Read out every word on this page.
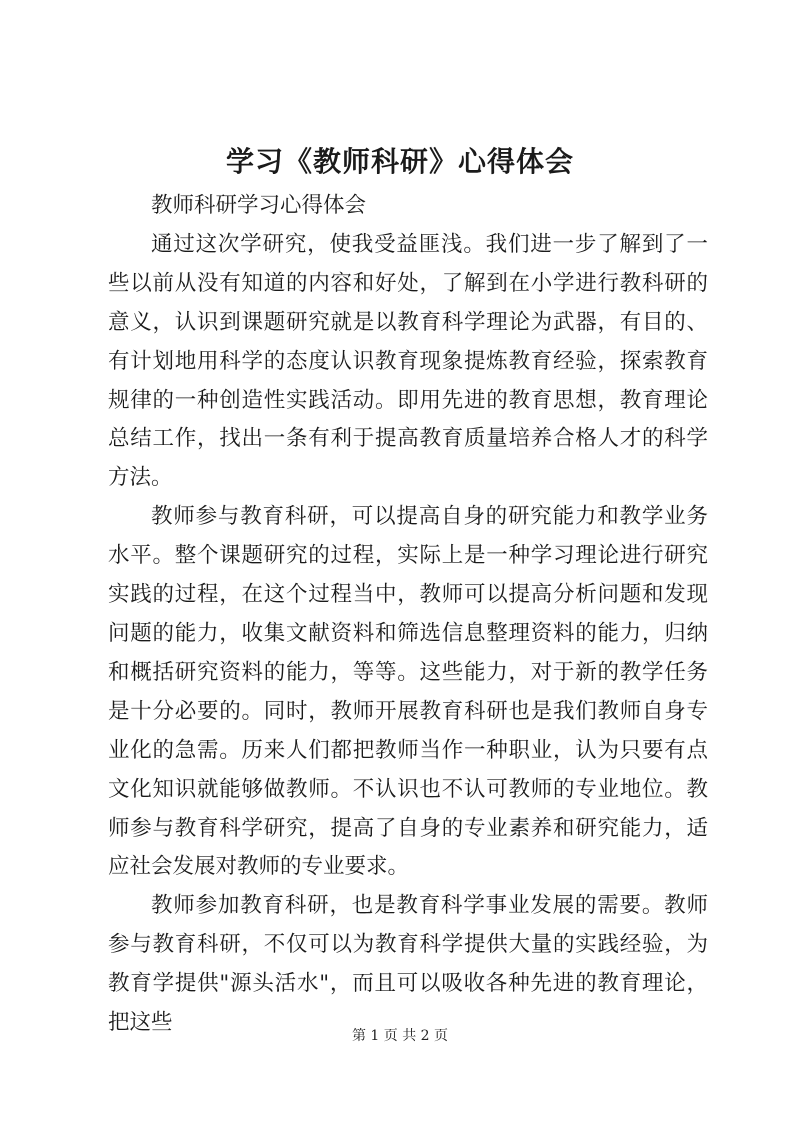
学习《教师科研》心得体会

教师科研学习心得体会

通过这次学研究，使我受益匪浅。我们进一步了解到了一些以前从没有知道的内容和好处，了解到在小学进行教科研的意义，认识到课题研究就是以教育科学理论为武器，有目的、有计划地用科学的态度认识教育现象提炼教育经验，探索教育规律的一种创造性实践活动。即用先进的教育思想，教育理论总结工作，找出一条有利于提高教育质量培养合格人才的科学方法。

教师参与教育科研，可以提高自身的研究能力和教学业务水平。整个课题研究的过程，实际上是一种学习理论进行研究实践的过程，在这个过程当中，教师可以提高分析问题和发现问题的能力，收集文献资料和筛选信息整理资料的能力，归纳和概括研究资料的能力，等等。这些能力，对于新的教学任务是十分必要的。同时，教师开展教育科研也是我们教师自身专业化的急需。历来人们都把教师当作一种职业，认为只要有点文化知识就能够做教师。不认识也不认可教师的专业地位。教师参与教育科学研究，提高了自身的专业素养和研究能力，适应社会发展对教师的专业要求。

教师参加教育科研，也是教育科学事业发展的需要。教师参与教育科研，不仅可以为教育科学提供大量的实践经验，为教育学提供"源头活水"，而且可以吸收各种先进的教育理论，把这些

第 1 页 共 2 页
